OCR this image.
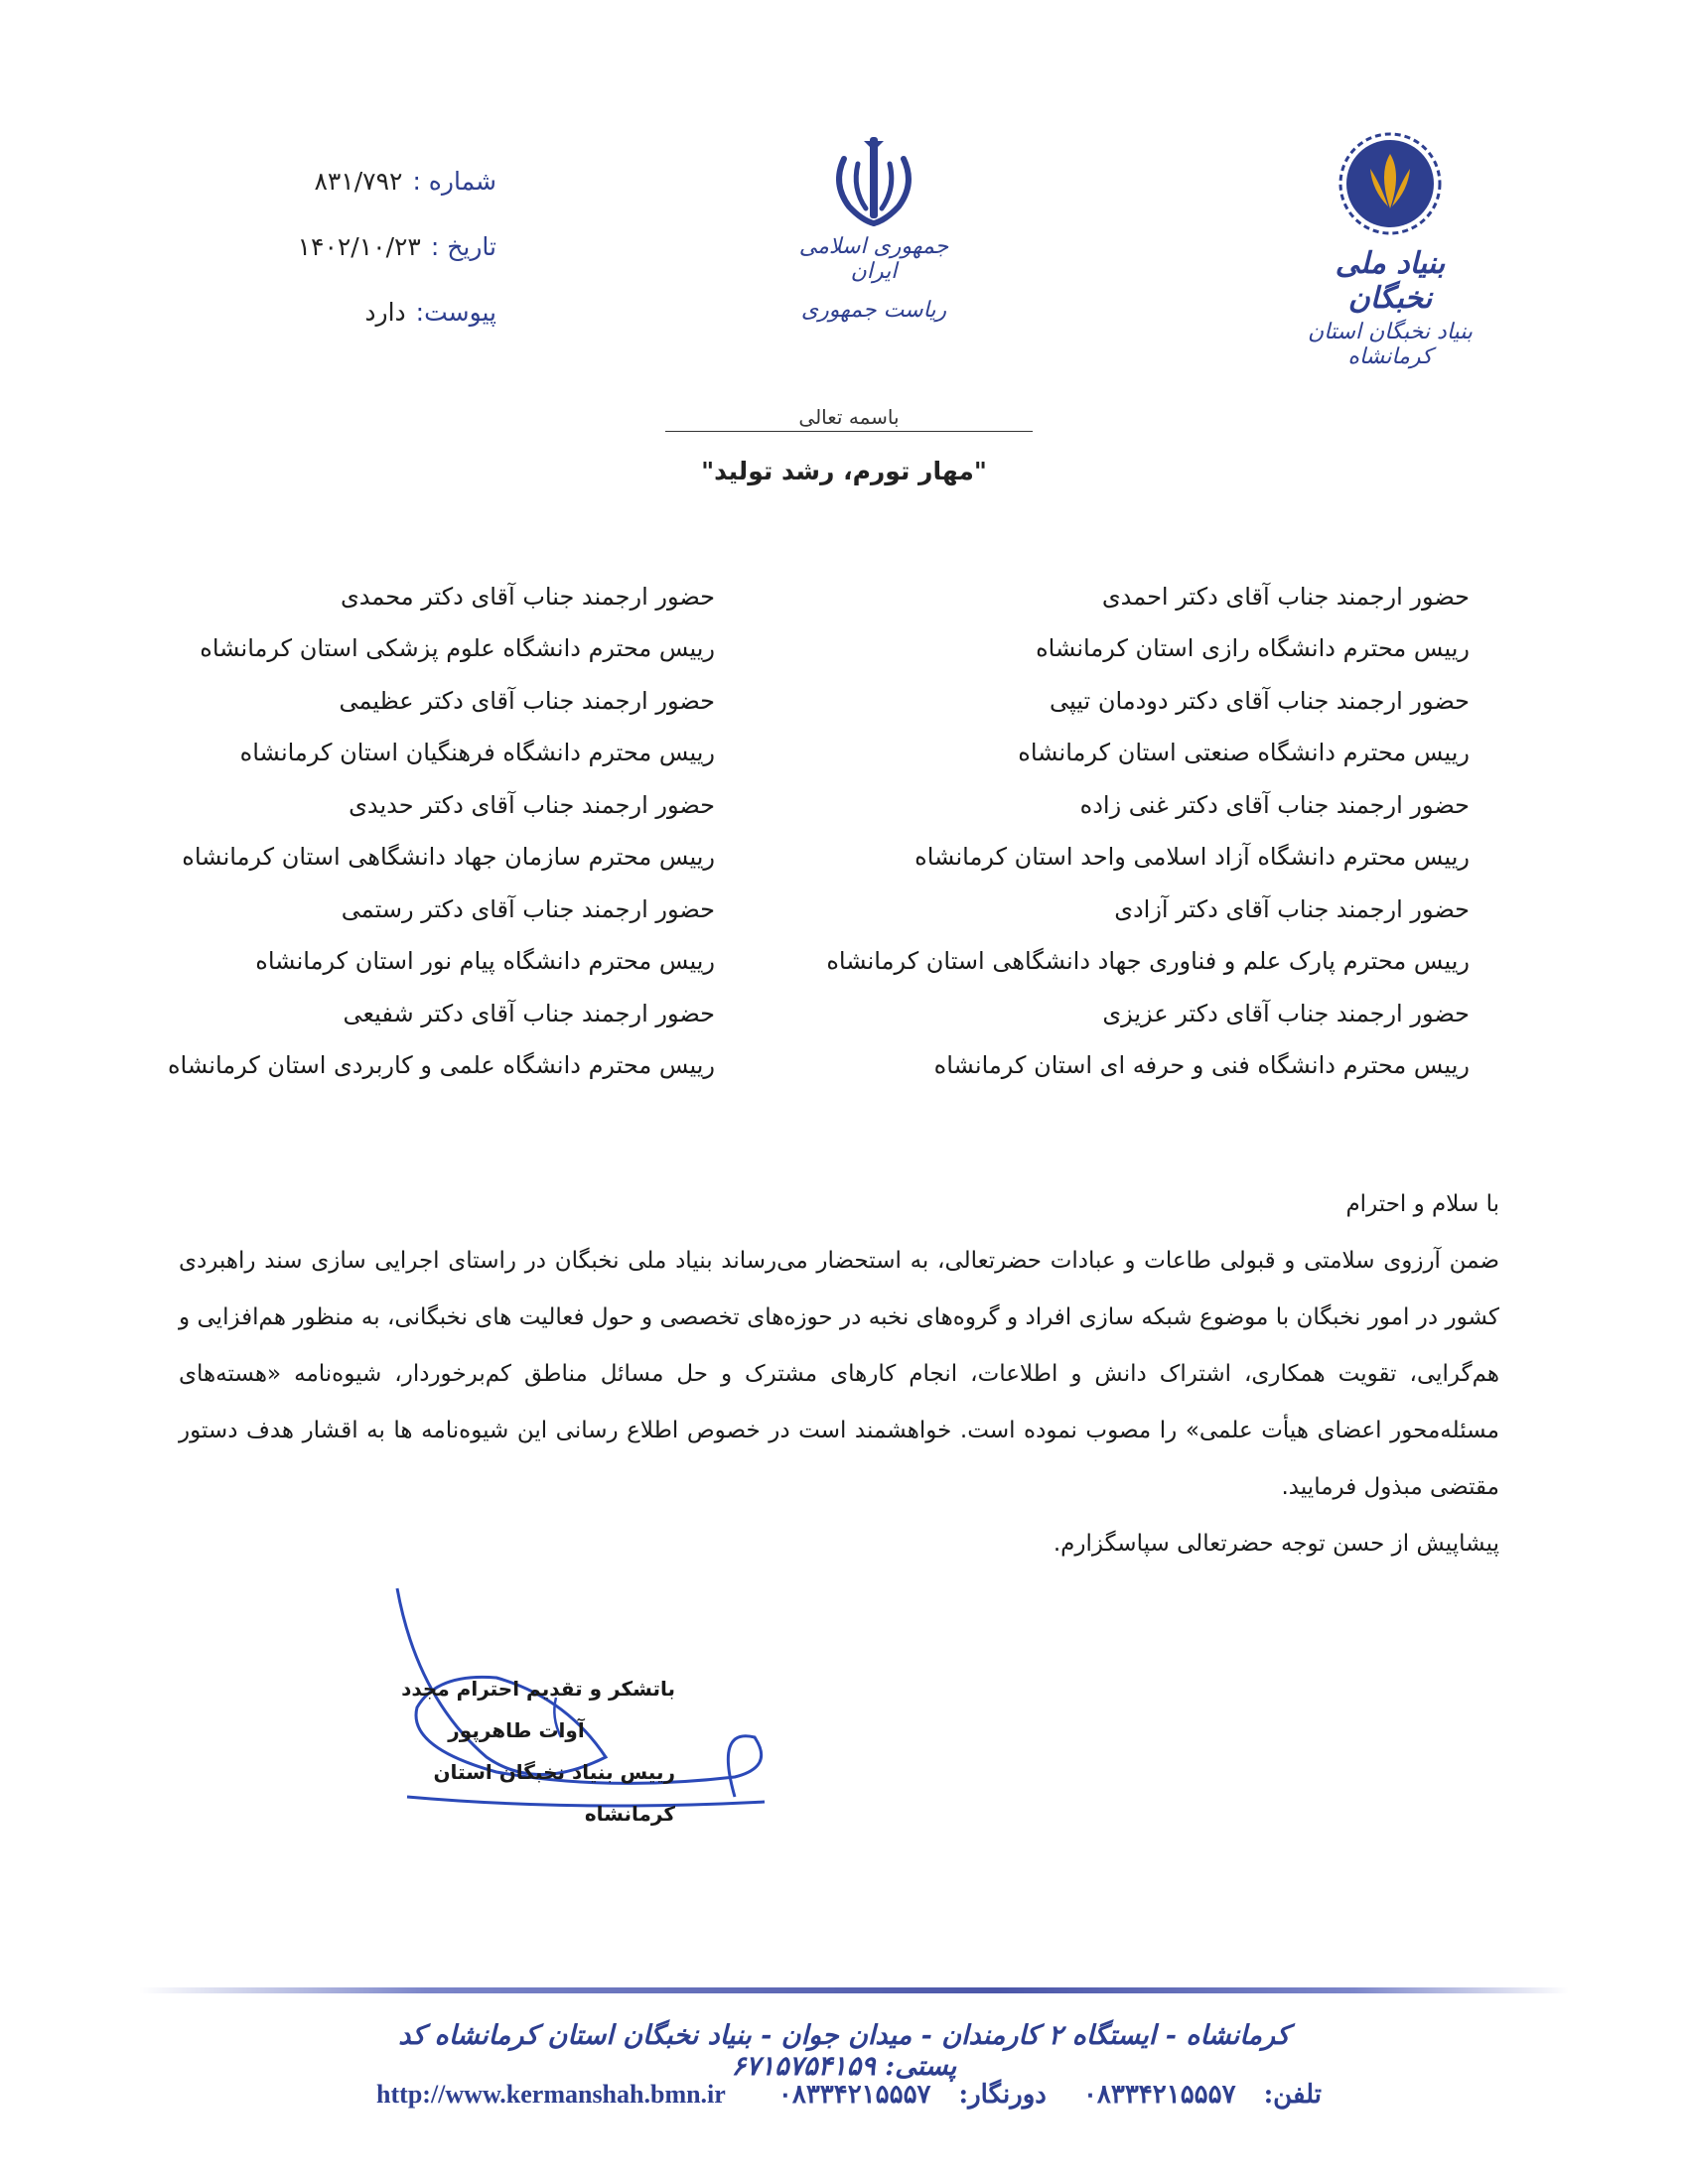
شماره :۸۳۱/۷۹۲
تاریخ :۱۴۰۲/۱۰/۲۳
پیوست:دارد
جمهوری اسلامی ایران
ریاست جمهوری
بنیاد ملی نخبگان
بنیاد نخبگان استان کرمانشاه
باسمه تعالی
"مهار تورم، رشد تولید"
حضور ارجمند جناب آقای دکتر احمدی
رییس محترم دانشگاه رازی استان کرمانشاه
حضور ارجمند جناب آقای دکتر دودمان تیپی
رییس محترم دانشگاه صنعتی استان کرمانشاه
حضور ارجمند جناب آقای دکتر غنی زاده
رییس محترم دانشگاه آزاد اسلامی واحد استان کرمانشاه
حضور ارجمند جناب آقای دکتر آزادی
رییس محترم پارک علم و فناوری جهاد دانشگاهی استان کرمانشاه
حضور ارجمند جناب آقای دکتر عزیزی
رییس محترم دانشگاه فنی و حرفه ای استان کرمانشاه
حضور ارجمند جناب آقای دکتر محمدی
رییس محترم دانشگاه علوم پزشکی استان کرمانشاه
حضور ارجمند جناب آقای دکتر عظیمی
رییس محترم دانشگاه فرهنگیان استان کرمانشاه
حضور ارجمند جناب آقای دکتر حدیدی
رییس محترم سازمان جهاد دانشگاهی استان کرمانشاه
حضور ارجمند جناب آقای دکتر رستمی
رییس محترم دانشگاه پیام نور استان کرمانشاه
حضور ارجمند جناب آقای دکتر شفیعی
رییس محترم دانشگاه علمی و کاربردی استان کرمانشاه

با سلام و احترام

ضمن آرزوی سلامتی و قبولی طاعات و عبادات حضرتعالی، به استحضار می‌رساند بنیاد ملی نخبگان در راستای اجرایی سازی سند راهبردی کشور در امور نخبگان با موضوع شبکه سازی افراد و گروه‌های نخبه در حوزه‌های تخصصی و حول فعالیت های نخبگانی، به منظور هم‌افزایی و هم‌گرایی، تقویت همکاری، اشتراک دانش و اطلاعات، انجام کارهای مشترک و حل مسائل مناطق کم‌برخوردار، شیوه‌نامه «هسته‌های مسئله‌محور اعضای هیأت علمی» را مصوب نموده است. خواهشمند است در خصوص اطلاع رسانی این شیوه‌نامه ها به اقشار هدف دستور مقتضی مبذول فرمایید.

پیشاپیش از حسن توجه حضرتعالی سپاسگزارم.

باتشکر و تقدیم احترام مجدد
آوات طاهرپور
رییس بنیاد نخبگان استان کرمانشاه
کرمانشاه - ایستگاه ۲ کارمندان - میدان جوان - بنیاد نخبگان استان کرمانشاه کد پستی: ۶۷۱۵۷۵۴۱۵۹
تلفن:۰۸۳۳۴۲۱۵۵۵۷ دورنگار:۰۸۳۳۴۲۱۵۵۵۷ http://www.kermanshah.bmn.ir
